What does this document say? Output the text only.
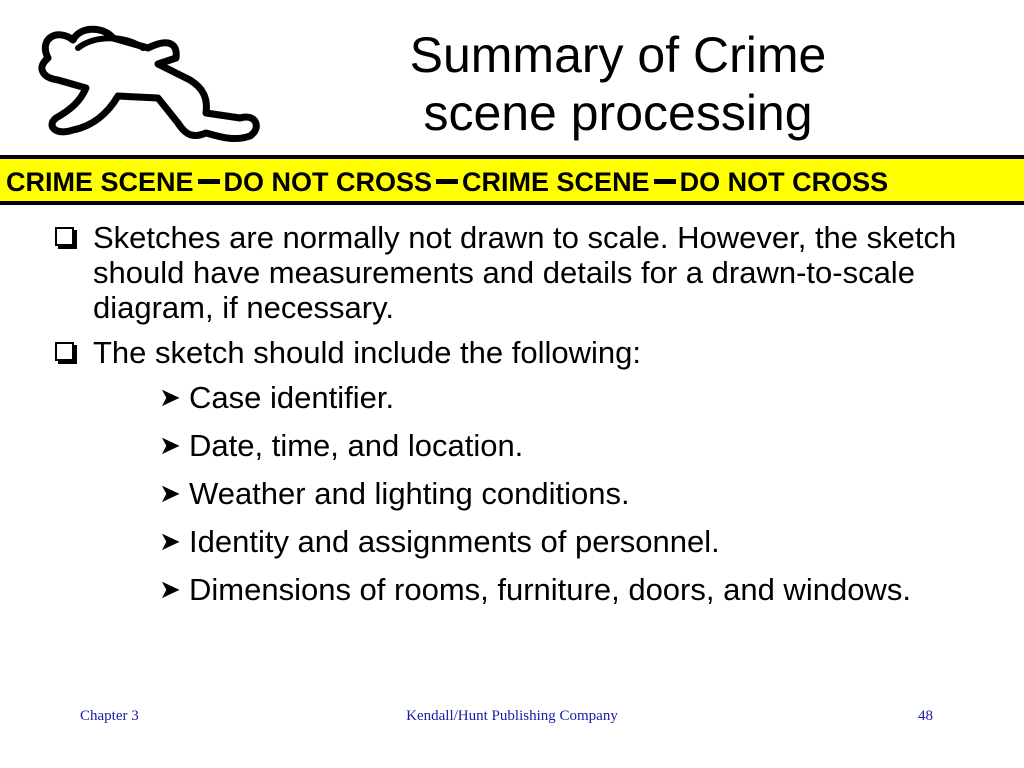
Summary of Crime
scene processing
CRIME SCENE DO NOT CROSS CRIME SCENE DO NOT CROSS
Sketches are normally not drawn to scale. However, the sketch should have measurements and details for a drawn-to-scale diagram, if necessary.
The sketch should include the following:
➤ Case identifier.
➤ Date, time, and location.
➤ Weather and lighting conditions.
➤ Identity and assignments of personnel.
➤ Dimensions of rooms, furniture, doors, and windows.
Chapter 3	Kendall/Hunt Publishing Company	48
